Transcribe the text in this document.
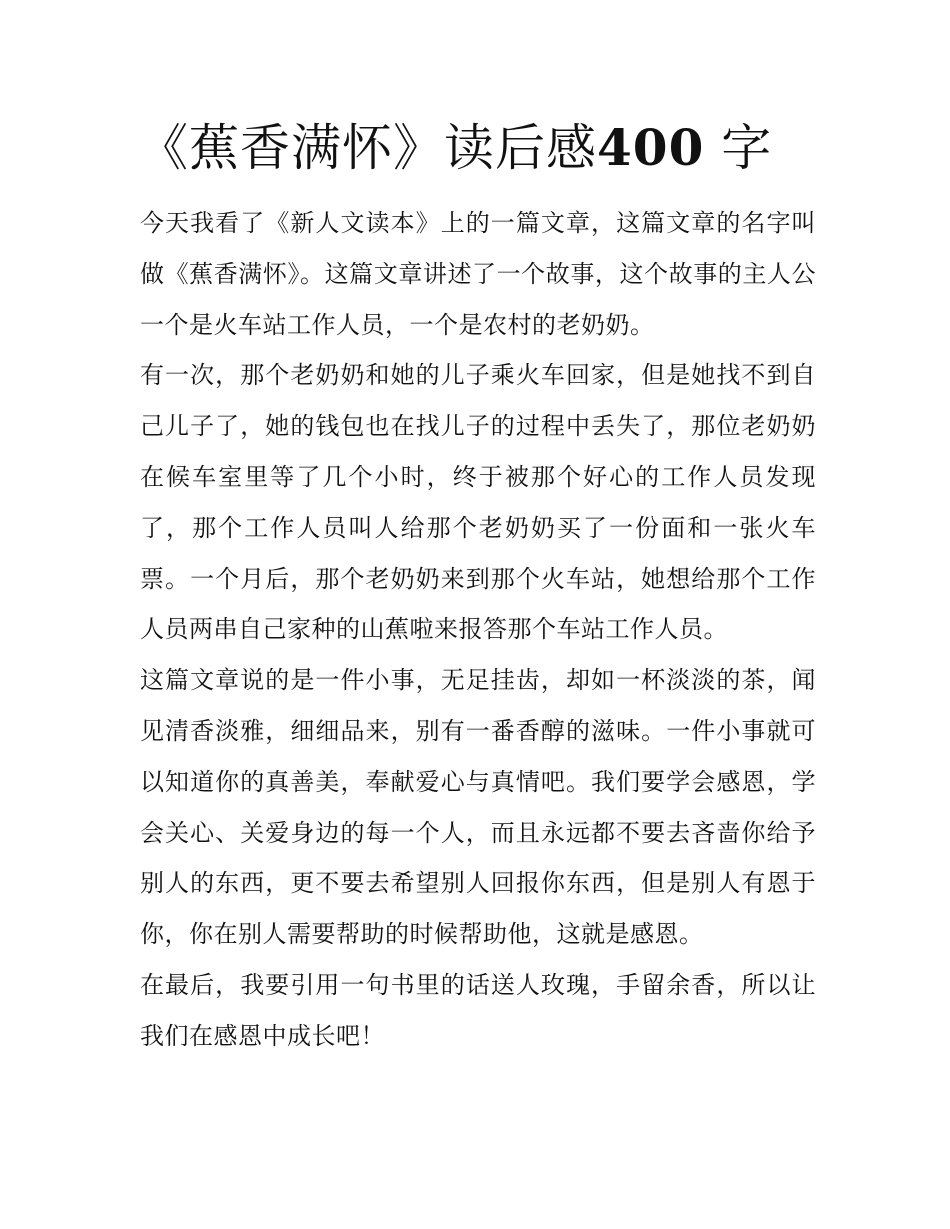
《蕉香满怀》读后感400 字

今天我看了《新人文读本》上的一篇文章，这篇文章的名字叫做《蕉香满怀》。这篇文章讲述了一个故事，这个故事的主人公一个是火车站工作人员，一个是农村的老奶奶。

有一次，那个老奶奶和她的儿子乘火车回家，但是她找不到自己儿子了，她的钱包也在找儿子的过程中丢失了，那位老奶奶在候车室里等了几个小时，终于被那个好心的工作人员发现了，那个工作人员叫人给那个老奶奶买了一份面和一张火车票。一个月后，那个老奶奶来到那个火车站，她想给那个工作人员两串自己家种的山蕉啦来报答那个车站工作人员。

这篇文章说的是一件小事，无足挂齿，却如一杯淡淡的茶，闻见清香淡雅，细细品来，别有一番香醇的滋味。一件小事就可以知道你的真善美，奉献爱心与真情吧。我们要学会感恩，学会关心、关爱身边的每一个人，而且永远都不要去吝啬你给予别人的东西，更不要去希望别人回报你东西，但是别人有恩于你，你在别人需要帮助的时候帮助他，这就是感恩。

在最后，我要引用一句书里的话送人玫瑰，手留余香，所以让我们在感恩中成长吧！
